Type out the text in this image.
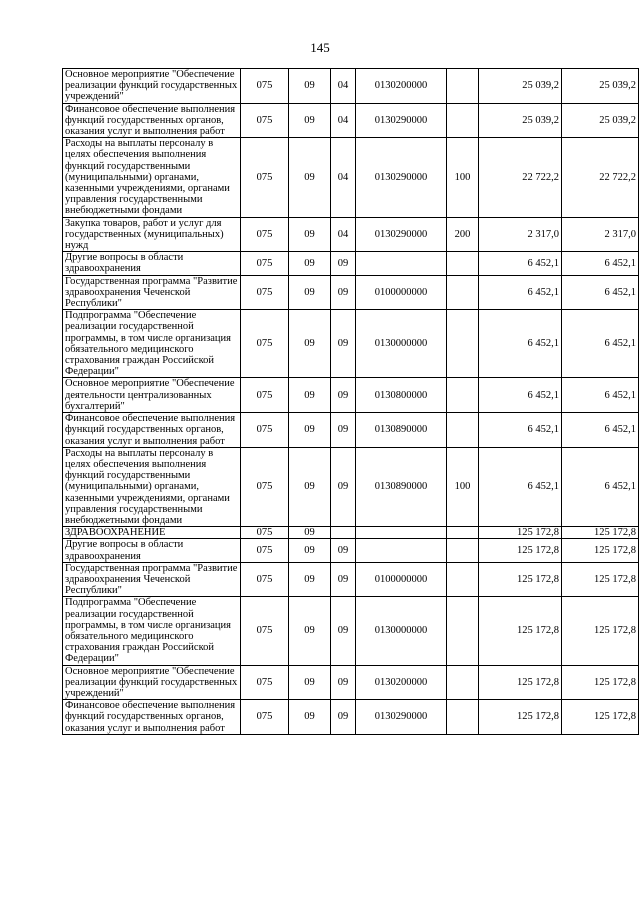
145
Основное мероприятие "Обеспечение реализации функций государственных учреждений"	075	09	04	0130200000		25 039,2	25 039,2
Финансовое обеспечение выполнения функций государственных органов, оказания услуг и выполнения работ	075	09	04	0130290000		25 039,2	25 039,2
Расходы на выплаты персоналу в целях обеспечения выполнения функций государственными (муниципальными) органами, казенными учреждениями, органами управления государственными внебюджетными фондами	075	09	04	0130290000	100	22 722,2	22 722,2
Закупка товаров, работ и услуг для государственных (муниципальных) нужд	075	09	04	0130290000	200	2 317,0	2 317,0
Другие вопросы в области здравоохранения	075	09	09			6 452,1	6 452,1
Государственная программа "Развитие здравоохранения Чеченской Республики"	075	09	09	0100000000		6 452,1	6 452,1
Подпрограмма "Обеспечение реализации государственной программы, в том числе организация обязательного медицинского страхования граждан Российской Федерации"	075	09	09	0130000000		6 452,1	6 452,1
Основное мероприятие "Обеспечение деятельности централизованных бухгалтерий"	075	09	09	0130800000		6 452,1	6 452,1
Финансовое обеспечение выполнения функций государственных органов, оказания услуг и выполнения работ	075	09	09	0130890000		6 452,1	6 452,1
Расходы на выплаты персоналу в целях обеспечения выполнения функций государственными (муниципальными) органами, казенными учреждениями, органами управления государственными внебюджетными фондами	075	09	09	0130890000	100	6 452,1	6 452,1
ЗДРАВООХРАНЕНИЕ	075	09				125 172,8	125 172,8
Другие вопросы в области здравоохранения	075	09	09			125 172,8	125 172,8
Государственная программа "Развитие здравоохранения Чеченской Республики"	075	09	09	0100000000		125 172,8	125 172,8
Подпрограмма "Обеспечение реализации государственной программы, в том числе организация обязательного медицинского страхования граждан Российской Федерации"	075	09	09	0130000000		125 172,8	125 172,8
Основное мероприятие "Обеспечение реализации функций государственных учреждений"	075	09	09	0130200000		125 172,8	125 172,8
Финансовое обеспечение выполнения функций государственных органов, оказания услуг и выполнения работ	075	09	09	0130290000		125 172,8	125 172,8
